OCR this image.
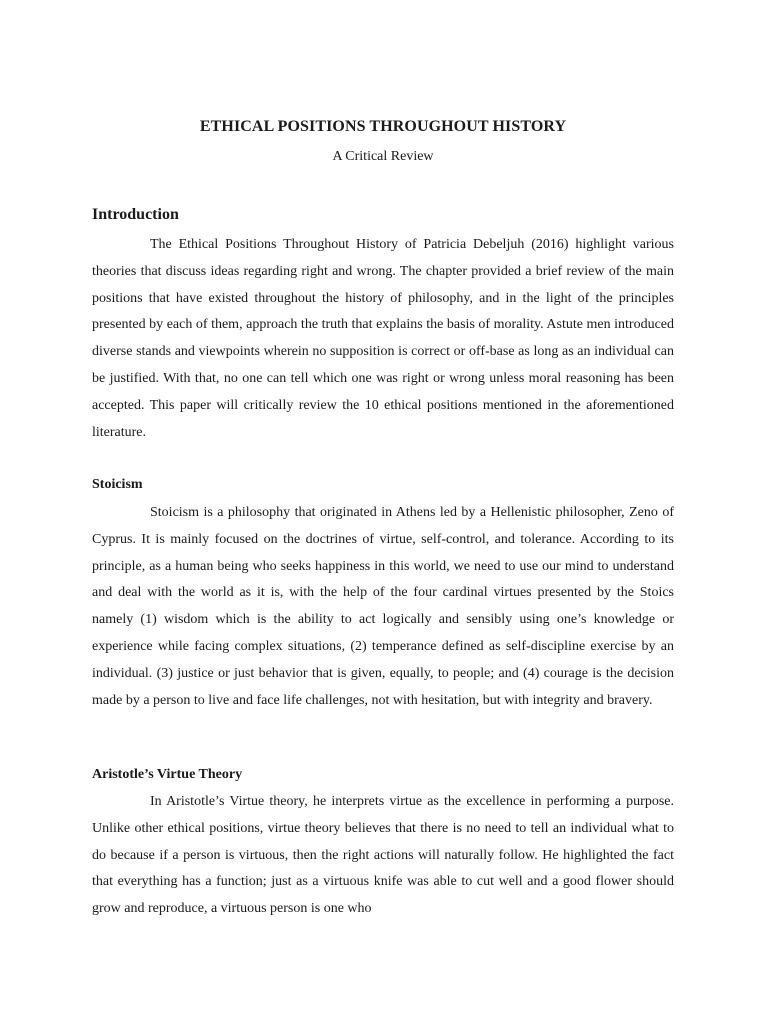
ETHICAL POSITIONS THROUGHOUT HISTORY
A Critical Review
Introduction

The Ethical Positions Throughout History of Patricia Debeljuh (2016) highlight various theories that discuss ideas regarding right and wrong. The chapter provided a brief review of the main positions that have existed throughout the history of philosophy, and in the light of the principles presented by each of them, approach the truth that explains the basis of morality. Astute men introduced diverse stands and viewpoints wherein no supposition is correct or off-base as long as an individual can be justified. With that, no one can tell which one was right or wrong unless moral reasoning has been accepted. This paper will critically review the 10 ethical positions mentioned in the aforementioned literature.

Stoicism

Stoicism is a philosophy that originated in Athens led by a Hellenistic philosopher, Zeno of Cyprus. It is mainly focused on the doctrines of virtue, self-control, and tolerance. According to its principle, as a human being who seeks happiness in this world, we need to use our mind to understand and deal with the world as it is, with the help of the four cardinal virtues presented by the Stoics namely (1) wisdom which is the ability to act logically and sensibly using one’s knowledge or experience while facing complex situations, (2) temperance defined as self-discipline exercise by an individual. (3) justice or just behavior that is given, equally, to people; and (4) courage is the decision made by a person to live and face life challenges, not with hesitation, but with integrity and bravery.

Aristotle’s Virtue Theory

In Aristotle’s Virtue theory, he interprets virtue as the excellence in performing a purpose. Unlike other ethical positions, virtue theory believes that there is no need to tell an individual what to do because if a person is virtuous, then the right actions will naturally follow. He highlighted the fact that everything has a function; just as a virtuous knife was able to cut well and a good flower should grow and reproduce, a virtuous person is one who
